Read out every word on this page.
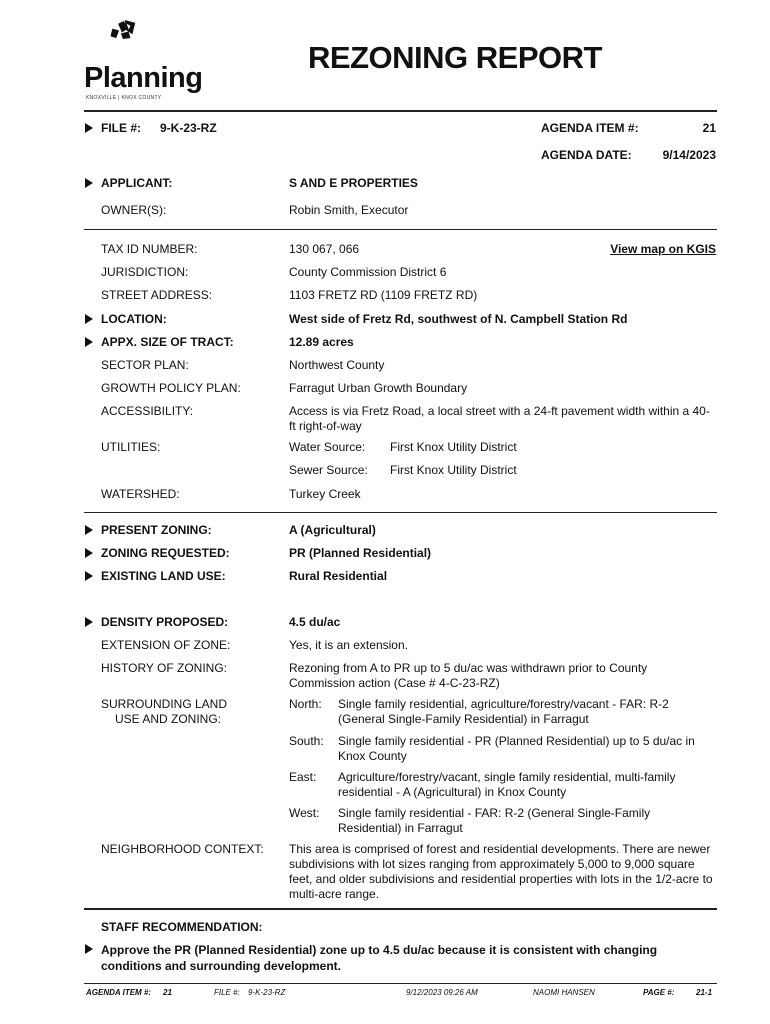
Planning
KNOXVILLE | KNOX COUNTY
REZONING REPORT
FILE #: 9-K-23-RZ	AGENDA ITEM #:	21
AGENDA DATE:	9/14/2023
APPLICANT:	S AND E PROPERTIES
OWNER(S):	Robin Smith, Executor
TAX ID NUMBER:	130 067, 066	View map on KGIS
JURISDICTION:	County Commission District 6
STREET ADDRESS:	1103 FRETZ RD (1109 FRETZ RD)
LOCATION:	West side of Fretz Rd, southwest of N. Campbell Station Rd
APPX. SIZE OF TRACT:	12.89 acres
SECTOR PLAN:	Northwest County
GROWTH POLICY PLAN:	Farragut Urban Growth Boundary
ACCESSIBILITY:	Access is via Fretz Road, a local street with a 24-ft pavement width within a 40-ft right-of-way
UTILITIES:	Water Source: First Knox Utility District
Sewer Source: First Knox Utility District
WATERSHED:	Turkey Creek
PRESENT ZONING:	A (Agricultural)
ZONING REQUESTED:	PR (Planned Residential)
EXISTING LAND USE:	Rural Residential
DENSITY PROPOSED:	4.5 du/ac
EXTENSION OF ZONE:	Yes, it is an extension.
HISTORY OF ZONING:	Rezoning from A to PR up to 5 du/ac was withdrawn prior to County Commission action (Case # 4-C-23-RZ)
SURROUNDING LAND
USE AND ZONING:
North: Single family residential, agriculture/forestry/vacant - FAR: R-2 (General Single-Family Residential) in Farragut
South: Single family residential - PR (Planned Residential) up to 5 du/ac in Knox County
East: Agriculture/forestry/vacant, single family residential, multi-family residential - A (Agricultural) in Knox County
West: Single family residential - FAR: R-2 (General Single-Family Residential) in Farragut
NEIGHBORHOOD CONTEXT: This area is comprised of forest and residential developments. There are newer subdivisions with lot sizes ranging from approximately 5,000 to 9,000 square feet, and older subdivisions and residential properties with lots in the 1/2-acre to multi-acre range.
STAFF RECOMMENDATION:
Approve the PR (Planned Residential) zone up to 4.5 du/ac because it is consistent with changing conditions and surrounding development.
AGENDA ITEM #: 21	FILE #: 9-K-23-RZ	9/12/2023 09:26 AM	NAOMI HANSEN	PAGE #:	21-1
